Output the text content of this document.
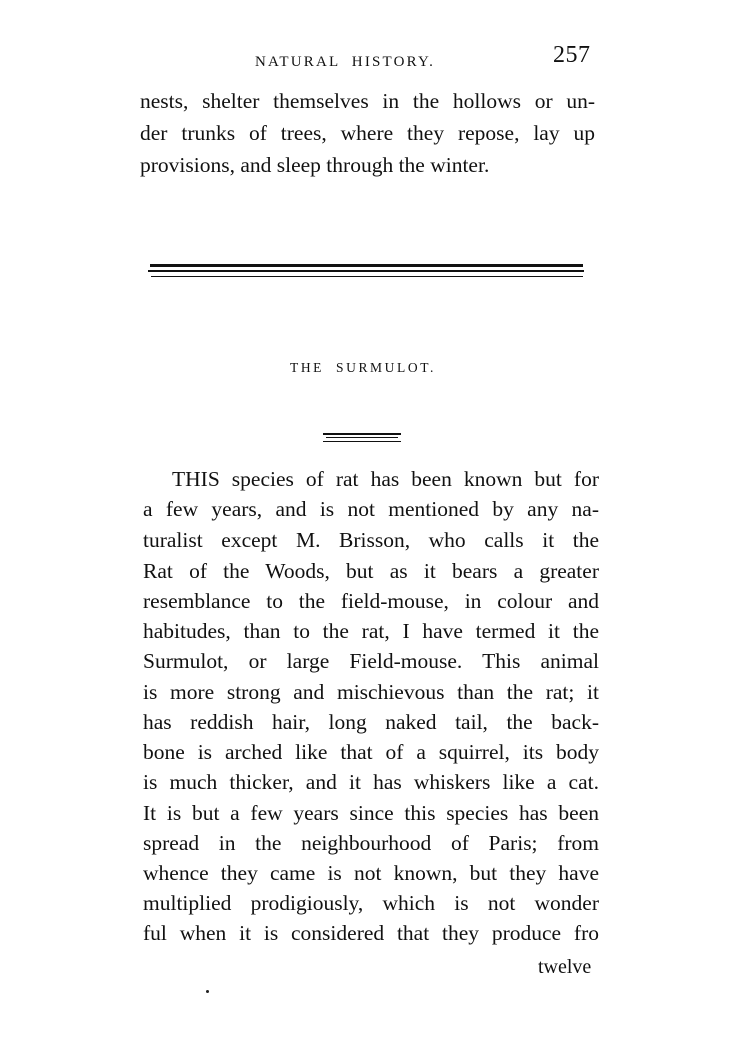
NATURAL HISTORY.	257
nests, shelter themselves in the hollows or un-
der trunks of trees, where they repose, lay up
provisions, and sleep through the winter.
THE SURMULOT.
THIS species of rat has been known but for
a few years, and is not mentioned by any na-
turalist except M. Brisson, who calls it the
Rat of the Woods, but as it bears a greater
resemblance to the field-mouse, in colour and
habitudes, than to the rat, I have termed it the
Surmulot, or large Field-mouse. This animal
is more strong and mischievous than the rat; it
has reddish hair, long naked tail, the back-
bone is arched like that of a squirrel, its body
is much thicker, and it has whiskers like a cat.
It is but a few years since this species has been
spread in the neighbourhood of Paris; from
whence they came is not known, but they have
multiplied prodigiously, which is not wonder
ful when it is considered that they produce fro
twelve
